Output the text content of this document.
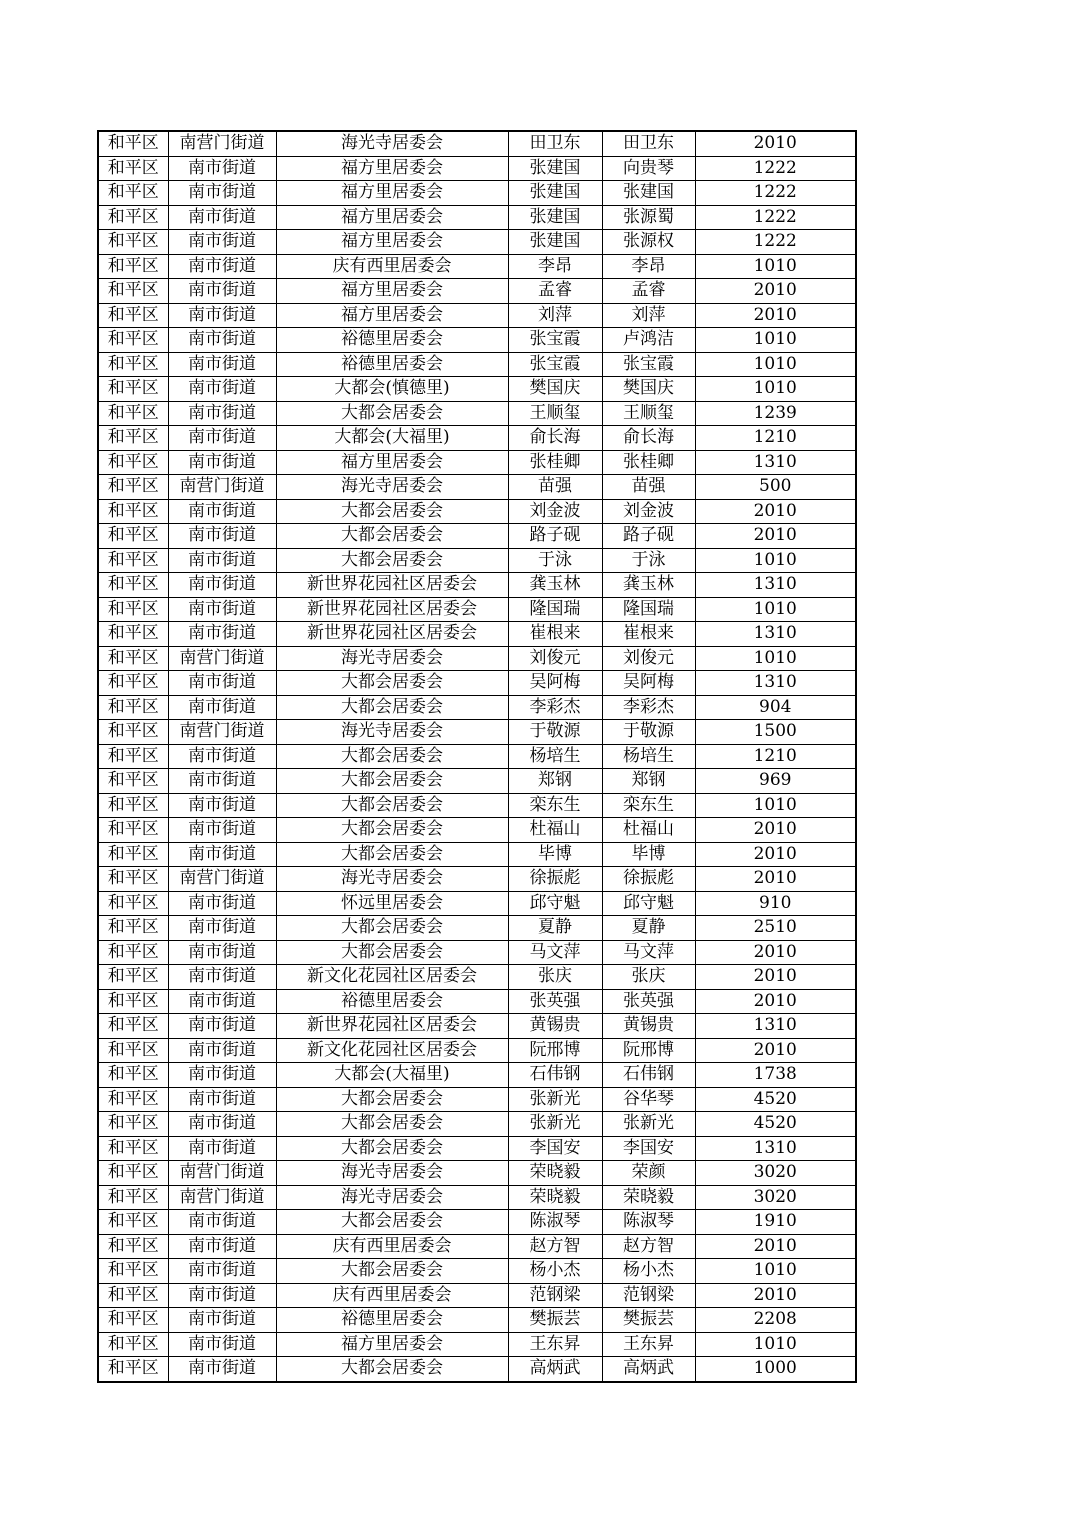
和平区	南营门街道	海光寺居委会	田卫东	田卫东	2010
和平区	南市街道	福方里居委会	张建国	向贵琴	1222
和平区	南市街道	福方里居委会	张建国	张建国	1222
和平区	南市街道	福方里居委会	张建国	张源蜀	1222
和平区	南市街道	福方里居委会	张建国	张源权	1222
和平区	南市街道	庆有西里居委会	李昂	李昂	1010
和平区	南市街道	福方里居委会	孟睿	孟睿	2010
和平区	南市街道	福方里居委会	刘萍	刘萍	2010
和平区	南市街道	裕德里居委会	张宝霞	卢鸿洁	1010
和平区	南市街道	裕德里居委会	张宝霞	张宝霞	1010
和平区	南市街道	大都会(慎德里)	樊国庆	樊国庆	1010
和平区	南市街道	大都会居委会	王顺玺	王顺玺	1239
和平区	南市街道	大都会(大福里)	俞长海	俞长海	1210
和平区	南市街道	福方里居委会	张桂卿	张桂卿	1310
和平区	南营门街道	海光寺居委会	苗强	苗强	500
和平区	南市街道	大都会居委会	刘金波	刘金波	2010
和平区	南市街道	大都会居委会	路子砚	路子砚	2010
和平区	南市街道	大都会居委会	于泳	于泳	1010
和平区	南市街道	新世界花园社区居委会	龚玉林	龚玉林	1310
和平区	南市街道	新世界花园社区居委会	隆国瑞	隆国瑞	1010
和平区	南市街道	新世界花园社区居委会	崔根来	崔根来	1310
和平区	南营门街道	海光寺居委会	刘俊元	刘俊元	1010
和平区	南市街道	大都会居委会	吴阿梅	吴阿梅	1310
和平区	南市街道	大都会居委会	李彩杰	李彩杰	904
和平区	南营门街道	海光寺居委会	于敬源	于敬源	1500
和平区	南市街道	大都会居委会	杨培生	杨培生	1210
和平区	南市街道	大都会居委会	郑钢	郑钢	969
和平区	南市街道	大都会居委会	栾东生	栾东生	1010
和平区	南市街道	大都会居委会	杜福山	杜福山	2010
和平区	南市街道	大都会居委会	毕博	毕博	2010
和平区	南营门街道	海光寺居委会	徐振彪	徐振彪	2010
和平区	南市街道	怀远里居委会	邱守魁	邱守魁	910
和平区	南市街道	大都会居委会	夏静	夏静	2510
和平区	南市街道	大都会居委会	马文萍	马文萍	2010
和平区	南市街道	新文化花园社区居委会	张庆	张庆	2010
和平区	南市街道	裕德里居委会	张英强	张英强	2010
和平区	南市街道	新世界花园社区居委会	黄锡贵	黄锡贵	1310
和平区	南市街道	新文化花园社区居委会	阮邢博	阮邢博	2010
和平区	南市街道	大都会(大福里)	石伟钢	石伟钢	1738
和平区	南市街道	大都会居委会	张新光	谷华琴	4520
和平区	南市街道	大都会居委会	张新光	张新光	4520
和平区	南市街道	大都会居委会	李国安	李国安	1310
和平区	南营门街道	海光寺居委会	荣晓毅	荣颜	3020
和平区	南营门街道	海光寺居委会	荣晓毅	荣晓毅	3020
和平区	南市街道	大都会居委会	陈淑琴	陈淑琴	1910
和平区	南市街道	庆有西里居委会	赵方智	赵方智	2010
和平区	南市街道	大都会居委会	杨小杰	杨小杰	1010
和平区	南市街道	庆有西里居委会	范钢梁	范钢梁	2010
和平区	南市街道	裕德里居委会	樊振芸	樊振芸	2208
和平区	南市街道	福方里居委会	王东昇	王东昇	1010
和平区	南市街道	大都会居委会	高炳武	高炳武	1000
